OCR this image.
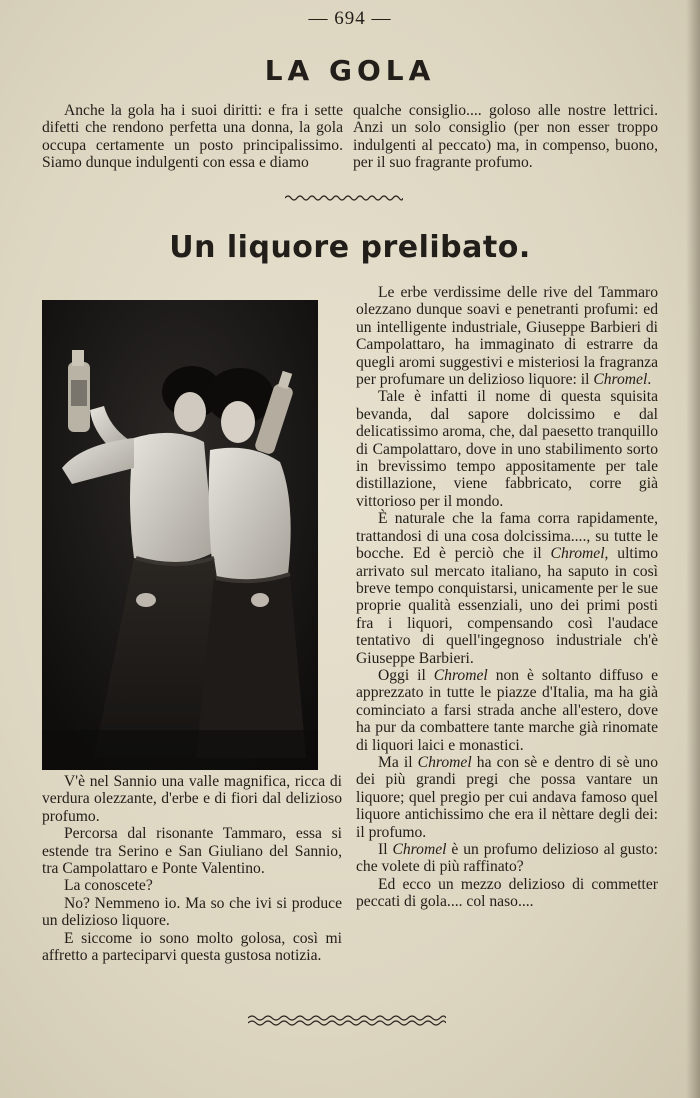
— 694 —
LA GOLA

Anche la gola ha i suoi diritti: e fra i sette difetti che rendono perfetta una donna, la gola occupa certamente un posto principalissimo. Siamo dunque indulgenti con essa e diamo

qualche consiglio.... goloso alle nostre lettrici. Anzi un solo consiglio (per non esser troppo indulgenti al peccato) ma, in compenso, buono, per il suo fragrante profumo.

Un liquore prelibato.

V'è nel Sannio una valle magnifica, ricca di verdura olezzante, d'erbe e di fiori dal delizioso profumo.

Percorsa dal risonante Tammaro, essa si estende tra Serino e San Giuliano del Sannio, tra Campolattaro e Ponte Valentino.

La conoscete?

No? Nemmeno io. Ma so che ivi si produce un delizioso liquore.

E siccome io sono molto golosa, così mi affretto a parteciparvi questa gustosa notizia.

Le erbe verdissime delle rive del Tammaro olezzano dunque soavi e penetranti profumi: ed un intelligente industriale, Giuseppe Barbieri di Campolattaro, ha immaginato di estrarre da quegli aromi suggestivi e misteriosi la fragranza per profumare un delizioso liquore: il Chromel.

Tale è infatti il nome di questa squisita bevanda, dal sapore dolcissimo e dal delicatissimo aroma, che, dal paesetto tranquillo di Campolattaro, dove in uno stabilimento sorto in brevissimo tempo appositamente per tale distillazione, viene fabbricato, corre già vittorioso per il mondo.

È naturale che la fama corra rapidamente, trattandosi di una cosa dolcissima...., su tutte le bocche. Ed è perciò che il Chromel, ultimo arrivato sul mercato italiano, ha saputo in così breve tempo conquistarsi, unicamente per le sue proprie qualità essenziali, uno dei primi posti fra i liquori, compensando così l'audace tentativo di quell'ingegnoso industriale ch'è Giuseppe Barbieri.

Oggi il Chromel non è soltanto diffuso e apprezzato in tutte le piazze d'Italia, ma ha già cominciato a farsi strada anche all'estero, dove ha pur da combattere tante marche già rinomate di liquori laici e monastici.

Ma il Chromel ha con sè e dentro di sè uno dei più grandi pregi che possa vantare un liquore; quel pregio per cui andava famoso quel liquore antichissimo che era il nèttare degli dei: il profumo.

Il Chromel è un profumo delizioso al gusto: che volete di più raffinato?

Ed ecco un mezzo delizioso di commetter peccati di gola.... col naso....
